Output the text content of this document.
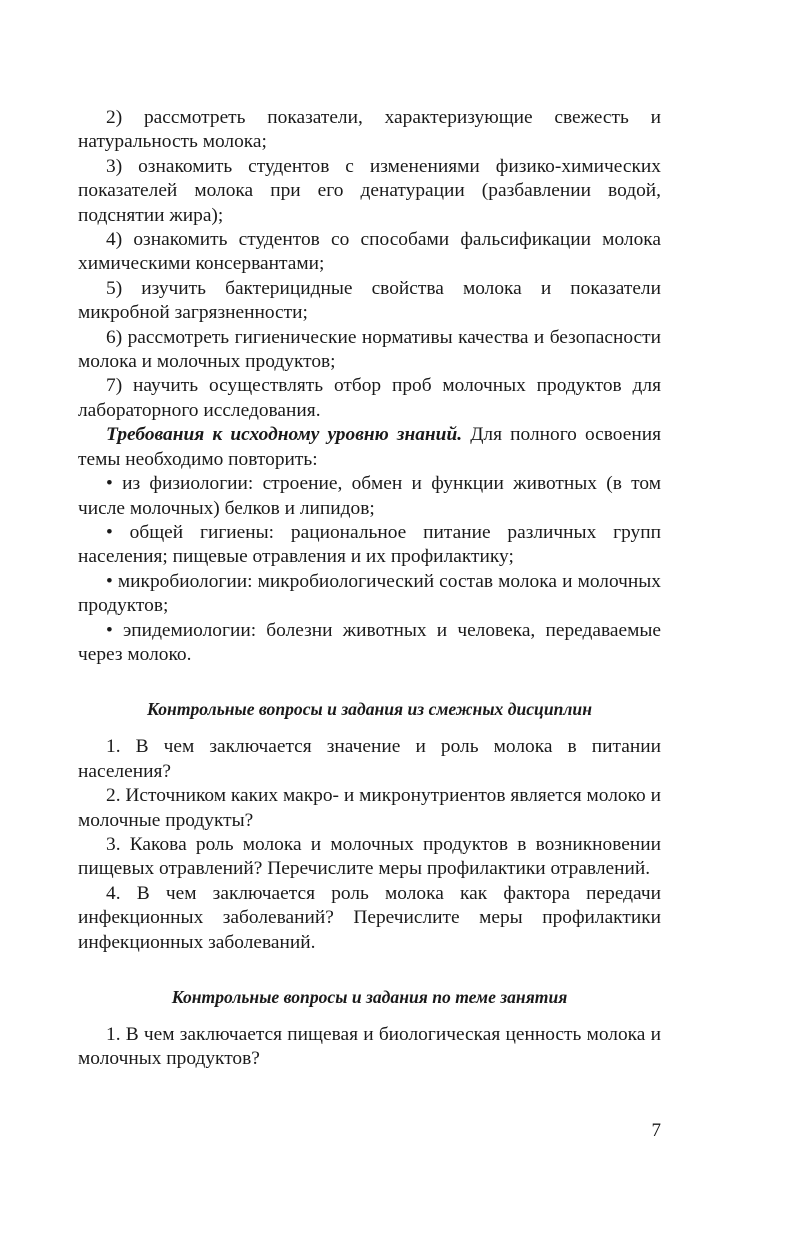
2) рассмотреть показатели, характеризующие свежесть и натуральность молока;

3) ознакомить студентов с изменениями физико-химических показателей молока при его денатурации (разбавлении водой, подснятии жира);

4) ознакомить студентов со способами фальсификации молока химическими консервантами;

5) изучить бактерицидные свойства молока и показатели микробной загрязненности;

6) рассмотреть гигиенические нормативы качества и безопасности молока и молочных продуктов;

7) научить осуществлять отбор проб молочных продуктов для лабораторного исследования.

Требования к исходному уровню знаний. Для полного освоения темы необходимо повторить:

• из физиологии: строение, обмен и функции животных (в том числе молочных) белков и липидов;

• общей гигиены: рациональное питание различных групп населения; пищевые отравления и их профилактику;

• микробиологии: микробиологический состав молока и молочных продуктов;

• эпидемиологии: болезни животных и человека, передаваемые через молоко.

Контрольные вопросы и задания из смежных дисциплин

1. В чем заключается значение и роль молока в питании населения?

2. Источником каких макро- и микронутриентов является молоко и молочные продукты?

3. Какова роль молока и молочных продуктов в возникновении пищевых отравлений? Перечислите меры профилактики отравлений.

4. В чем заключается роль молока как фактора передачи инфекционных заболеваний? Перечислите меры профилактики инфекционных заболеваний.

Контрольные вопросы и задания по теме занятия

1. В чем заключается пищевая и биологическая ценность молока и молочных продуктов?

7
